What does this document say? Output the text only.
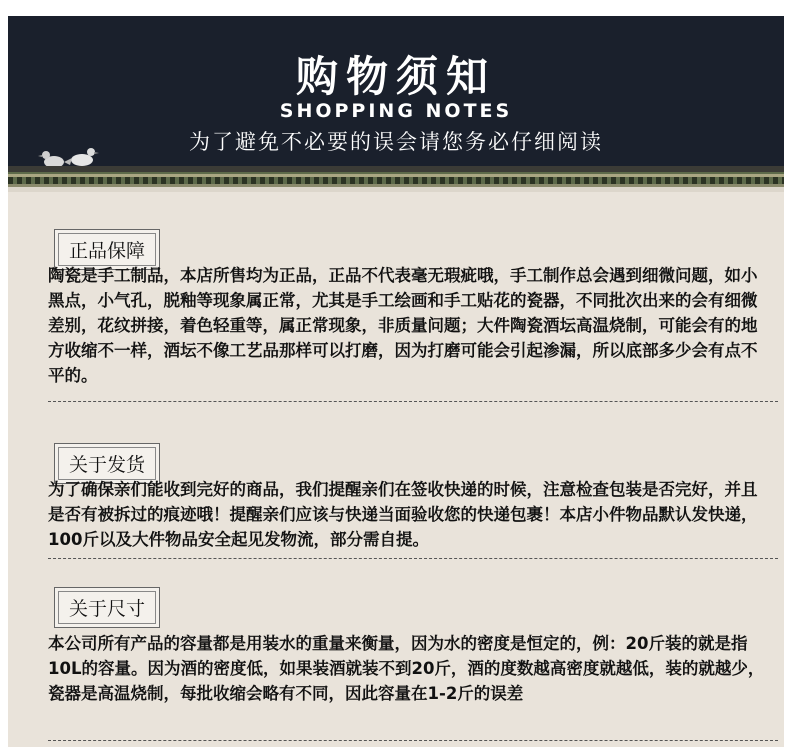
购物须知
SHOPPING NOTES
为了避免不必要的误会请您务必仔细阅读
正品保障

陶瓷是手工制品，本店所售均为正品，正品不代表毫无瑕疵哦，手工制作总会遇到细微问题，如小黑点，小气孔，脱釉等现象属正常，尤其是手工绘画和手工贴花的瓷器，不同批次出来的会有细微差别，花纹拼接，着色轻重等，属正常现象，非质量问题；大件陶瓷酒坛高温烧制，可能会有的地方收缩不一样，酒坛不像工艺品那样可以打磨，因为打磨可能会引起渗漏，所以底部多少会有点不平的。

关于发货

为了确保亲们能收到完好的商品，我们提醒亲们在签收快递的时候，注意检查包装是否完好，并且是否有被拆过的痕迹哦！提醒亲们应该与快递当面验收您的快递包裹！本店小件物品默认发快递，100斤以及大件物品安全起见发物流，部分需自提。

关于尺寸

本公司所有产品的容量都是用装水的重量来衡量，因为水的密度是恒定的，例：20斤装的就是指10L的容量。因为酒的密度低，如果装酒就装不到20斤，酒的度数越高密度就越低，装的就越少，瓷器是高温烧制，每批收缩会略有不同，因此容量在1-2斤的误差
